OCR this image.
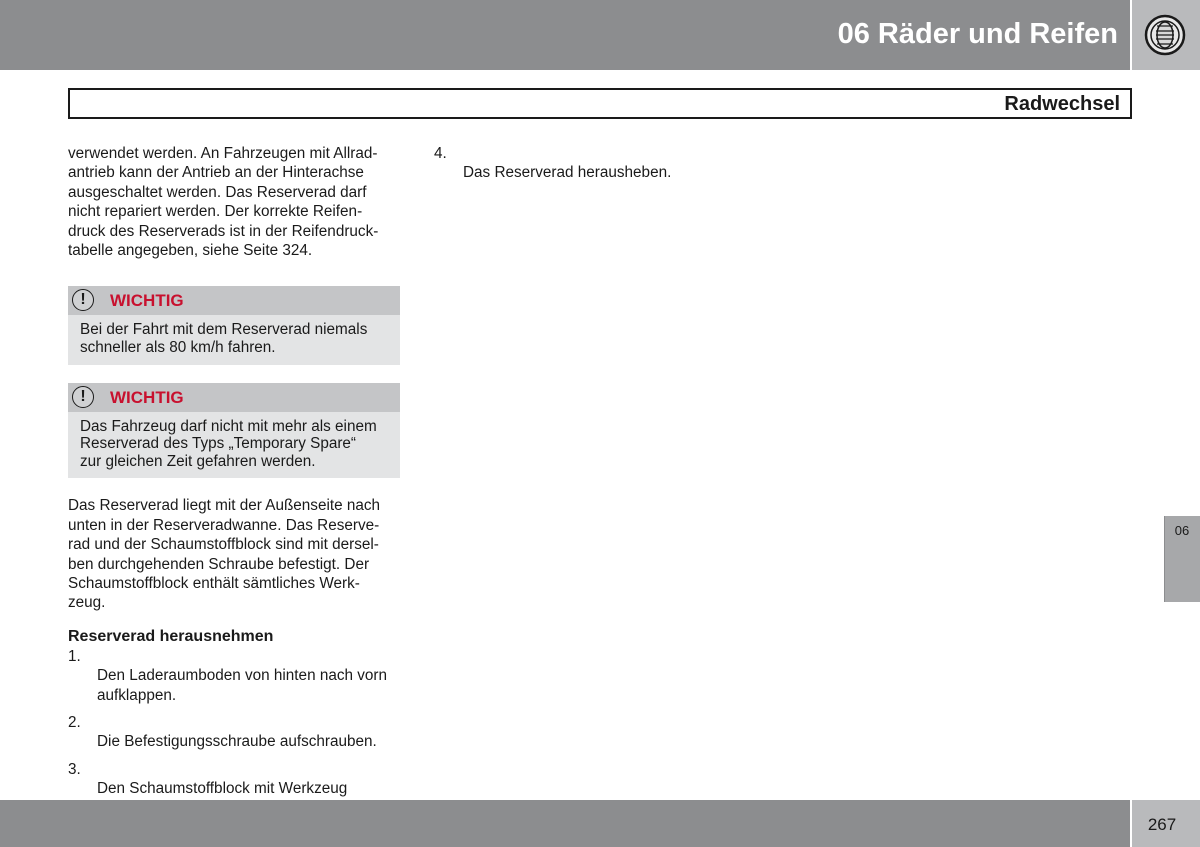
06 Räder und Reifen
Radwechsel

verwendet werden. An Fahrzeugen mit Allrad-
antrieb kann der Antrieb an der Hinterachse
ausgeschaltet werden. Das Reserverad darf
nicht repariert werden. Der korrekte Reifen-
druck des Reserverads ist in der Reifendruck-
tabelle angegeben, siehe Seite 324.

!	WICHTIG
Bei der Fahrt mit dem Reserverad niemals
schneller als 80 km/h fahren.
!	WICHTIG
Das Fahrzeug darf nicht mit mehr als einem
Reserverad des Typs „Temporary Spare“
zur gleichen Zeit gefahren werden.

Das Reserverad liegt mit der Außenseite nach
unten in der Reserveradwanne. Das Reserve-
rad und der Schaumstoffblock sind mit dersel-
ben durchgehenden Schraube befestigt. Der
Schaumstoffblock enthält sämtliches Werk-
zeug.

Reserverad herausnehmen

1.
Den Laderaumboden von hinten nach vorn
aufklappen.

2.
Die Befestigungsschraube aufschrauben.

3.
Den Schaumstoffblock mit Werkzeug

4.
Das Reserverad herausheben.

06
267
